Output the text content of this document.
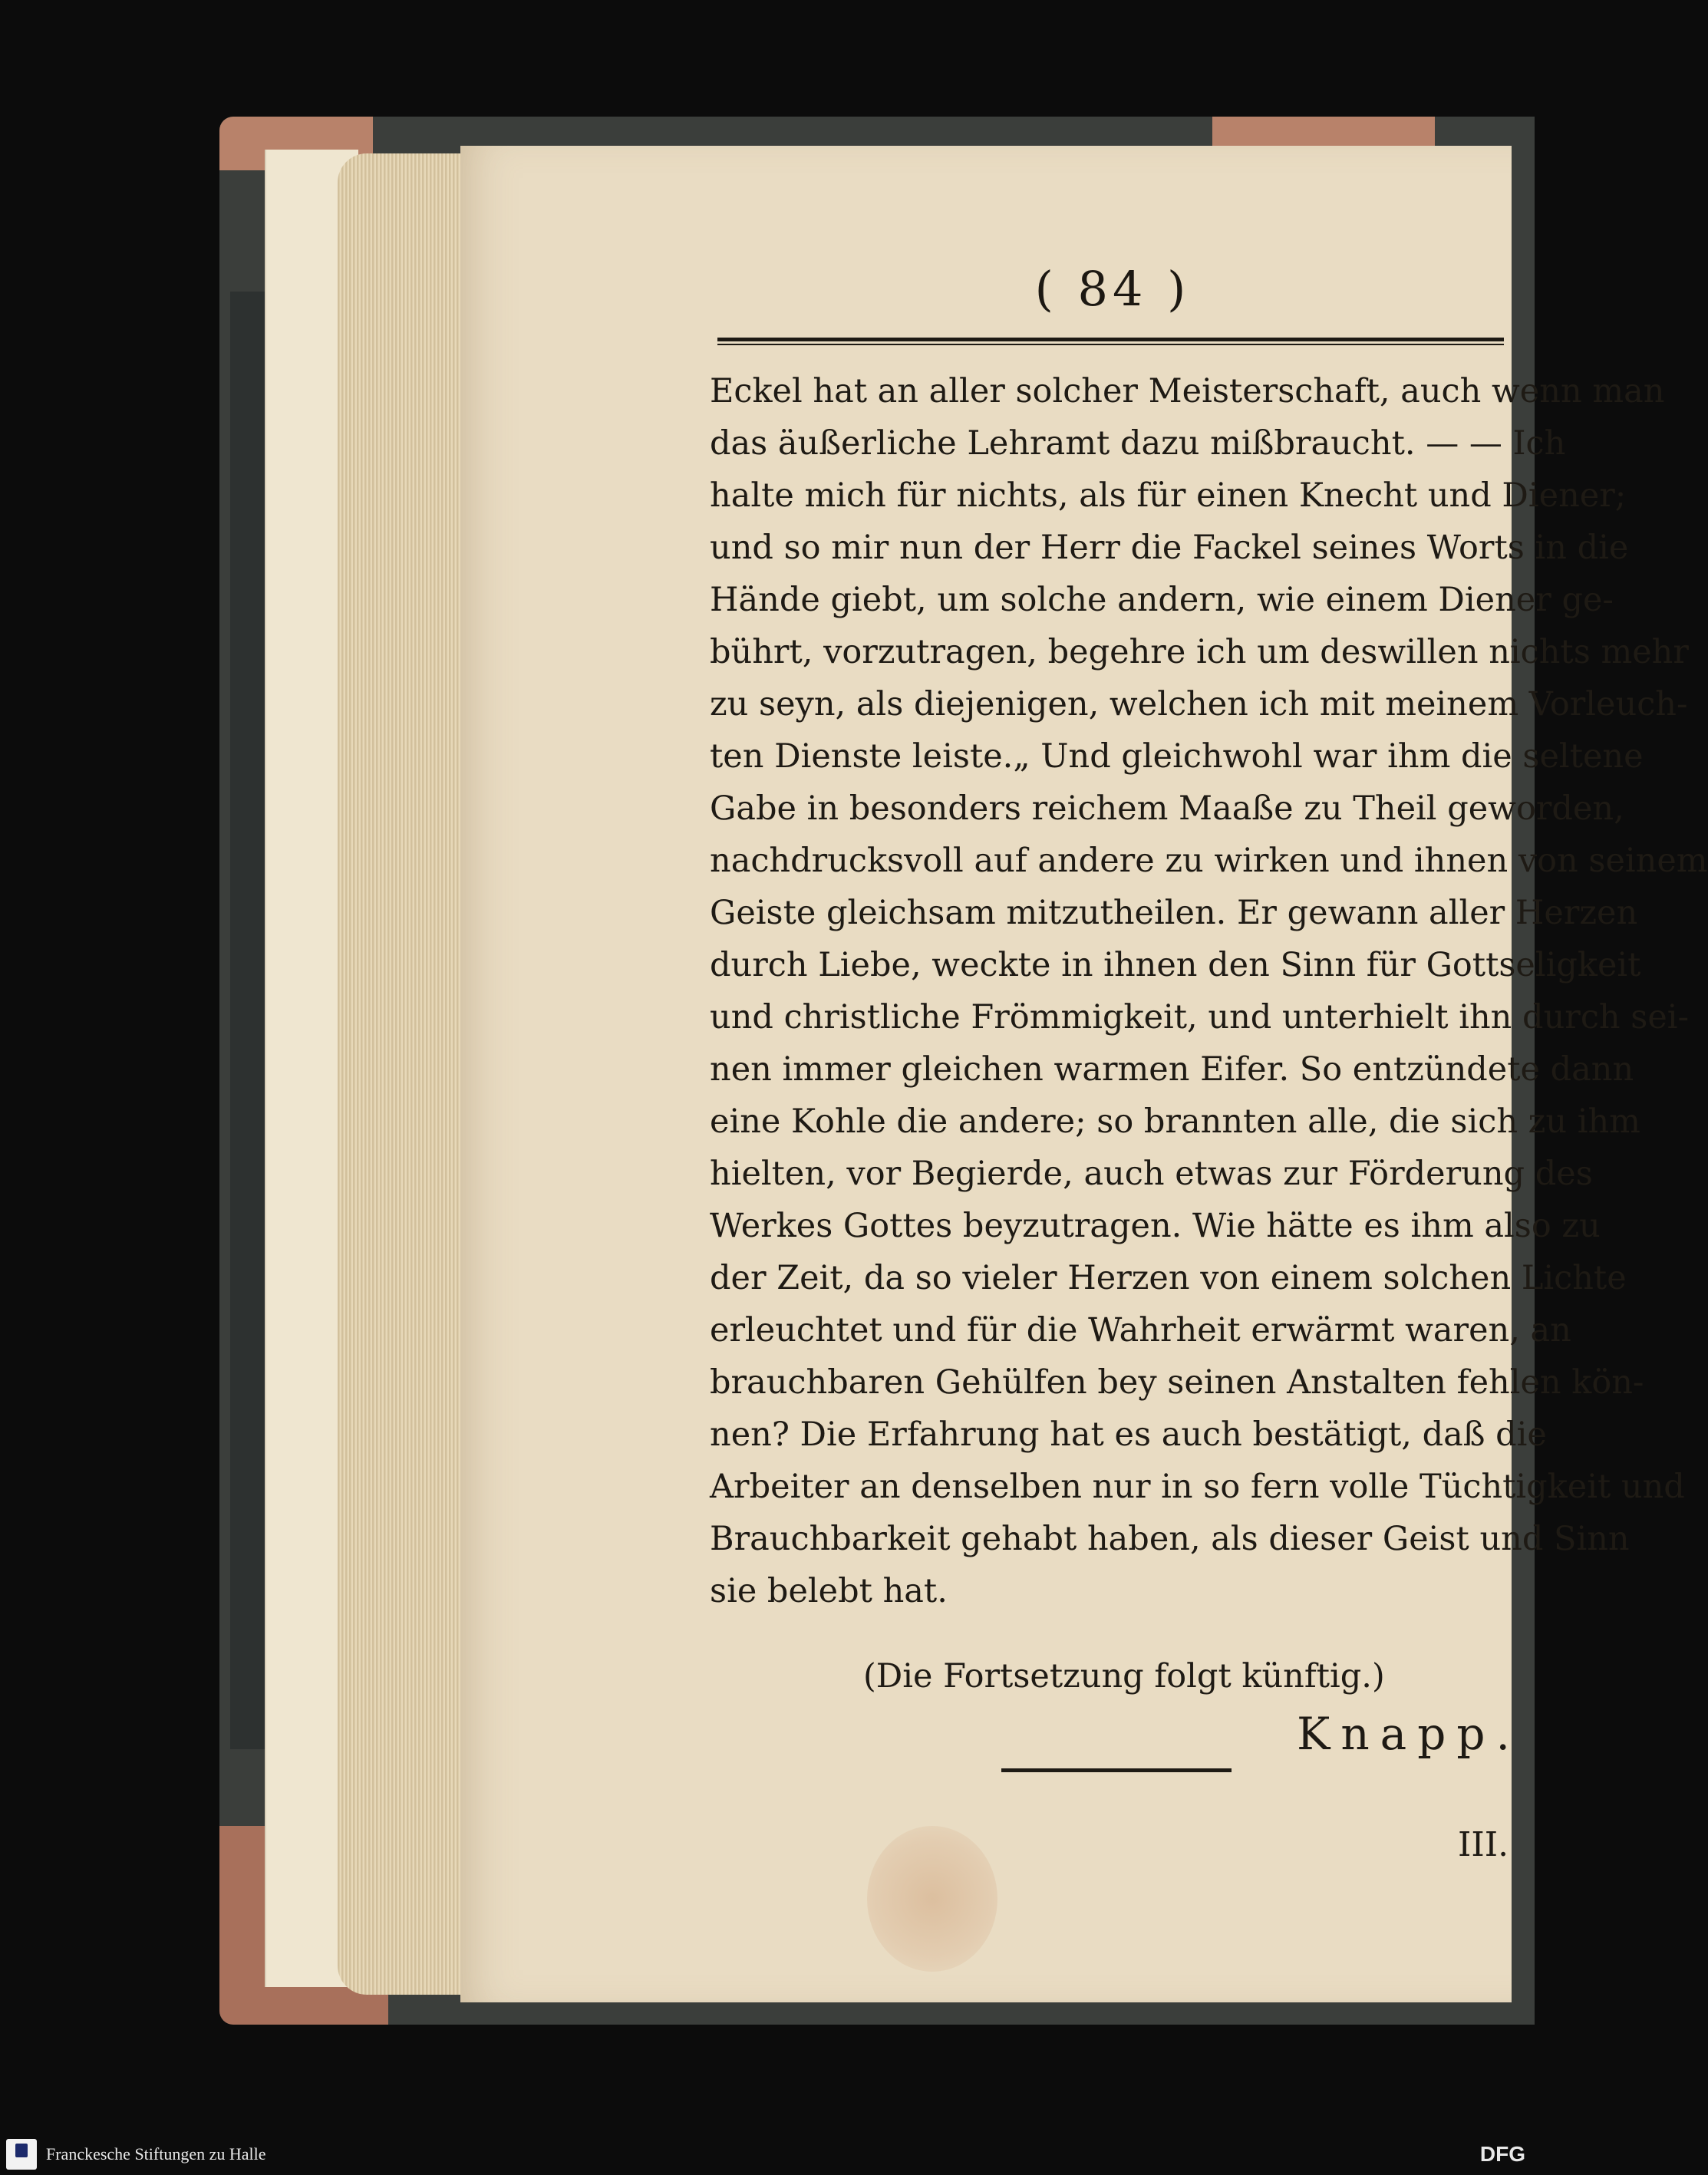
( 84 )
Eckel hat an aller solcher Meisterschaft, auch wenn man
das äußerliche Lehramt dazu mißbraucht. — — Ich
halte mich für nichts, als für einen Knecht und Diener;
und so mir nun der Herr die Fackel seines Worts in die
Hände giebt, um solche andern, wie einem Diener ge-
bührt, vorzutragen, begehre ich um deswillen nichts mehr
zu seyn, als diejenigen, welchen ich mit meinem Vorleuch-
ten Dienste leiste.„ Und gleichwohl war ihm die seltene
Gabe in besonders reichem Maaße zu Theil geworden,
nachdrucksvoll auf andere zu wirken und ihnen von seinem
Geiste gleichsam mitzutheilen. Er gewann aller Herzen
durch Liebe, weckte in ihnen den Sinn für Gottseligkeit
und christliche Frömmigkeit, und unterhielt ihn durch sei-
nen immer gleichen warmen Eifer. So entzündete dann
eine Kohle die andere; so brannten alle, die sich zu ihm
hielten, vor Begierde, auch etwas zur Förderung des
Werkes Gottes beyzutragen. Wie hätte es ihm also zu
der Zeit, da so vieler Herzen von einem solchen Lichte
erleuchtet und für die Wahrheit erwärmt waren, an
brauchbaren Gehülfen bey seinen Anstalten fehlen kön-
nen? Die Erfahrung hat es auch bestätigt, daß die
Arbeiter an denselben nur in so fern volle Tüchtigkeit und
Brauchbarkeit gehabt haben, als dieser Geist und Sinn
sie belebt hat.
(Die Fortsetzung folgt künftig.)
Knapp.
III.
Franckesche Stiftungen zu Halle	DFG
